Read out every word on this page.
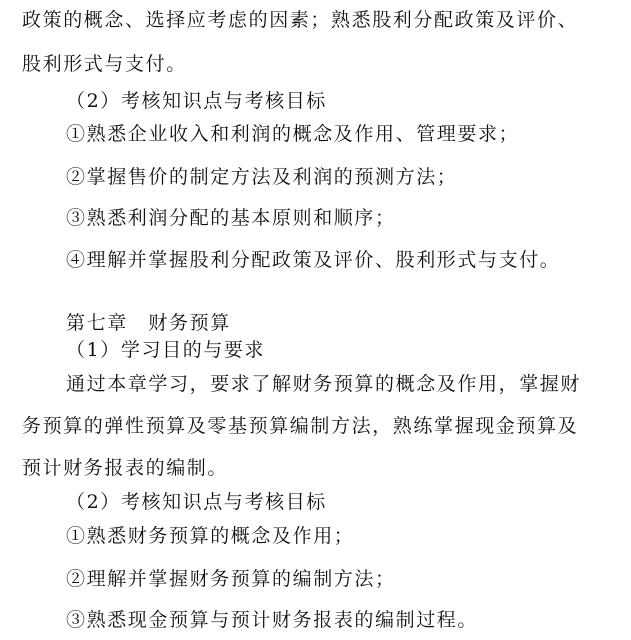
政策的概念、选择应考虑的因素；熟悉股利分配政策及评价、
股利形式与支付。
（2）考核知识点与考核目标
①熟悉企业收入和利润的概念及作用、管理要求；
②掌握售价的制定方法及利润的预测方法；
③熟悉利润分配的基本原则和顺序；
④理解并掌握股利分配政策及评价、股利形式与支付。
第七章　财务预算
（1）学习目的与要求
通过本章学习，要求了解财务预算的概念及作用，掌握财
务预算的弹性预算及零基预算编制方法，熟练掌握现金预算及
预计财务报表的编制。
（2）考核知识点与考核目标
①熟悉财务预算的概念及作用；
②理解并掌握财务预算的编制方法；
③熟悉现金预算与预计财务报表的编制过程。
